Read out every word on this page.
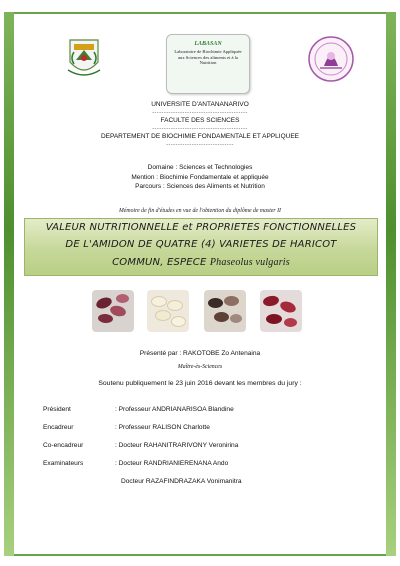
LABASAN
Laboratoire de Biochimie Appliquée aux Sciences des aliments et à la Nutrition
UNIVERSITE D'ANTANANARIVO
-----------------------------------------
FACULTE DES SCIENCES
-----------------------------------------
DEPARTEMENT DE BIOCHIMIE FONDAMENTALE ET APPLIQUEE
-----------------------------
Domaine : Sciences et Technologies
Mention : Biochimie Fondamentale et appliquée
Parcours : Sciences des Aliments et Nutrition
Mémoire de fin d'études en vue de l'obtention du diplôme de master II
VALEUR NUTRITIONNELLE et PROPRIETES FONCTIONNELLES
DE L'AMIDON DE QUATRE (4) VARIETES DE HARICOT
COMMUN, ESPECE Phaseolus vulgaris
Présenté par : RAKOTOBE Zo Antenaina
Maître-ès-Sciences
Soutenu publiquement le 23 juin 2016 devant les membres du jury :
Président	: Professeur ANDRIANARISOA Blandine
Encadreur	: Professeur RALISON Charlotte
Co-encadreur	: Docteur RAHANITRARIVONY Veronirina
Examinateurs	: Docteur RANDRIANIERENANA Ando
Docteur RAZAFINDRAZAKA Vonimanitra
